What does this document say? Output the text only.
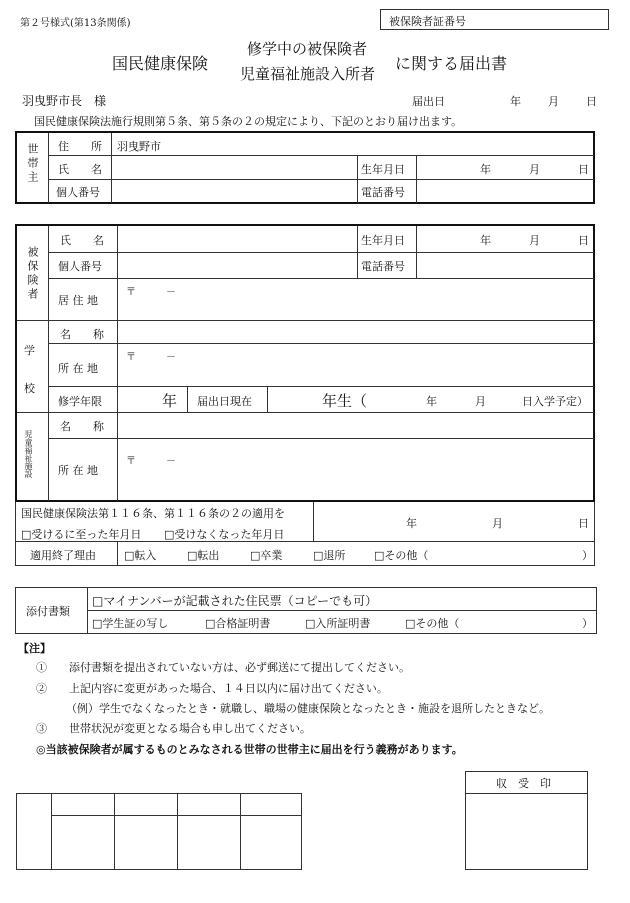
第２号様式(第13条関係)	被保険者証番号
国民健康保険
修学中の被保険者
児童福祉施設入所者
に関する届出書
羽曳野市長　様	届出日	年 月 日
国民健康保険法施行規則第５条、第５条の２の規定により、下記のとおり届け出ます。
世帯主 住　　所 羽曳野市
氏　　名	生年月日	年	月	日
個人番号	電話番号
被保険者
氏　　名	生年月日	年	月	日
個人番号	電話番号
居 住 地
〒　　　－
学
校
名　　称
所 在 地
〒　　　－
修学年限	年 届出日現在	年生（	年	月	日入学予定）
児童福祉施設
名　　称
所 在 地
〒　　　－
国民健康保険法第１１６条、第１１６条の２の適用を
□受けるに至った年月日 □受けなくなった年月日
年	月	日
適用終了理由	□転入	□転出	□卒業	□退所	□その他（	）
添付書類
□マイナンバーが記載された住民票（コピーでも可）
□学生証の写し	□合格証明書	□入所証明書	□その他（	）
【注】
①　　添付書類を提出されていない方は、必ず郵送にて提出してください。
②　　上記内容に変更があった場合、１４日以内に届け出てください。
（例）学生でなくなったとき・就職し、職場の健康保険となったとき・施設を退所したときなど。
③　　世帯状況が変更となる場合も申し出てください。
◎当該被保険者が属するものとみなされる世帯の世帯主に届出を行う義務があります。
収　受　印
